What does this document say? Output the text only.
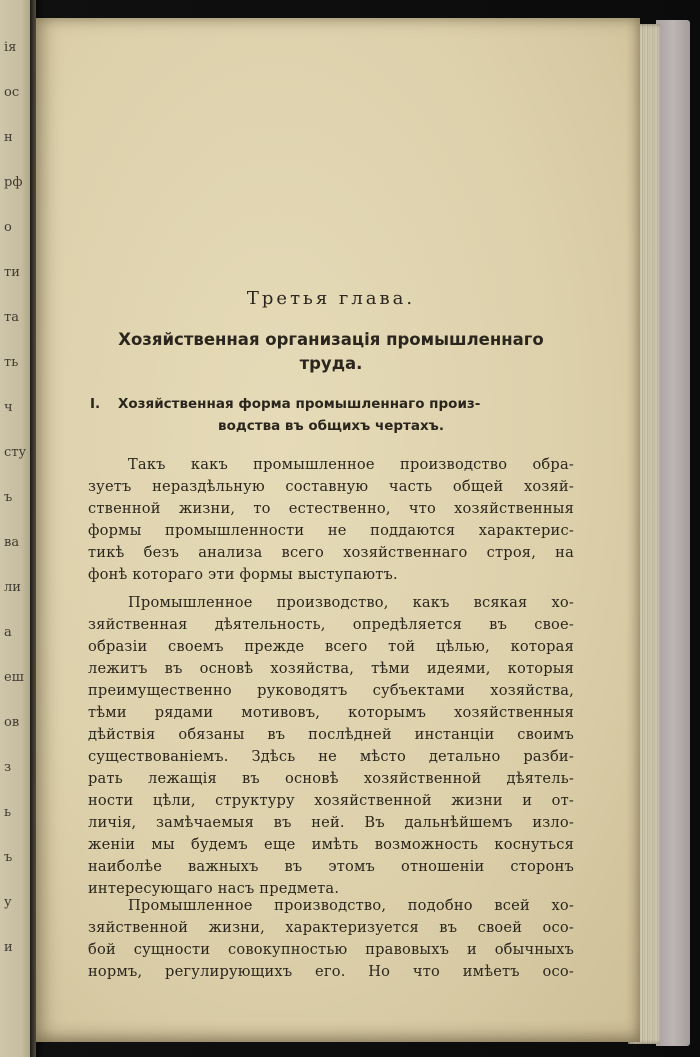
ія
ос
н
рф
о
ти
та
ть
ч
сту
ъ
ва
ли
а
еш
ов
з
ь
ъ
у
и
Третья глава.
Хозяйственная организація промышленнаго
труда.
I. Хозяйственная форма промышленнаго произ-
водства въ общихъ чертахъ.
Такъ какъ промышленное производство обра-
зуетъ нераздѣльную составную часть общей хозяй-
ственной жизни, то естественно, что хозяйственныя
формы промышленности не поддаются характерис-
тикѣ безъ анализа всего хозяйственнаго строя, на
фонѣ котораго эти формы выступаютъ.
Промышленное производство, какъ всякая хо-
зяйственная дѣятельность, опредѣляется въ свое-
образіи своемъ прежде всего той цѣлью, которая
лежитъ въ основѣ хозяйства, тѣми идеями, которыя
преимущественно руководятъ субъектами хозяйства,
тѣми рядами мотивовъ, которымъ хозяйственныя
дѣйствія обязаны въ послѣдней инстанціи своимъ
существованіемъ. Здѣсь не мѣсто детально разби-
рать лежащія въ основѣ хозяйственной дѣятель-
ности цѣли, структуру хозяйственной жизни и от-
личія, замѣчаемыя въ ней. Въ дальнѣйшемъ изло-
женіи мы будемъ еще имѣть возможность коснуться
наиболѣе важныхъ въ этомъ отношеніи сторонъ
интересующаго насъ предмета.
Промышленное производство, подобно всей хо-
зяйственной жизни, характеризуется въ своей осо-
бой сущности совокупностью правовыхъ и обычныхъ
нормъ, регулирующихъ его. Но что имѣетъ осо-
